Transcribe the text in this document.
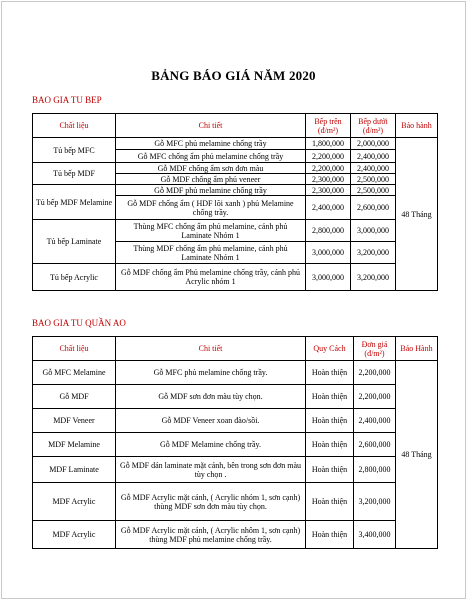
BẢNG BÁO GIÁ NĂM 2020
BAO GIA TU BEP
Chất liệu	Chi tiết	Bếp trên (đ/m²)	Bếp dưới (đ/m²)	Bảo hành
Tủ bếp MFC	Gỗ MFC phủ melamine chống trầy	1,800,000	2,000,000	48 Tháng
	Gỗ MFC chống ẩm phủ melamine chống trầy	2,200,000	2,400,000	
Tủ bếp MDF	Gỗ MDF chống ẩm sơn đơn màu	2,200,000	2,400,000	
	Gỗ MDF chống ẩm phủ veneer	2,300,000	2,500,000	
Tủ bếp MDF Melamine	Gỗ MDF phủ melamine chống trầy	2,300,000	2,500,000	
	Gỗ MDF chống ẩm ( HDF lõi xanh ) phủ Melamine chống trầy.	2,400,000	2,600,000	
Tủ bếp Laminate	Thùng MFC chống ẩm phủ melamine, cánh phủ Laminate Nhóm 1	2,800,000	3,000,000	
	Thùng MDF chống ẩm phủ melamine, cánh phủ Laminate Nhóm 1	3,000,000	3,200,000	
Tủ bếp Acrylic	Gỗ MDF chống ẩm Phủ melamine chống trầy, cánh phủ Acrylic nhóm 1	3,000,000	3,200,000	
BAO GIA TU QUẦN AO
Chất liệu	Chi tiết	Quy Cách	Đơn giá (đ/m²)	Bảo Hành
Gỗ MFC Melamine	Gỗ MFC phủ melamine chống trầy.	Hoàn thiện	2,200,000	48 Tháng
Gỗ MDF	Gỗ MDF sơn đơn màu tùy chọn.	Hoàn thiện	2,200,000	
MDF Veneer	Gỗ MDF Veneer xoan đào/sồi.	Hoàn thiện	2,400,000	
MDF Melamine	Gỗ MDF Melamine chống trầy.	Hoàn thiện	2,600,000	
MDF Laminate	Gỗ MDF dán laminate mặt cánh, bên trong sơn đơn màu tùy chọn .	Hoàn thiện	2,800,000	
MDF Acrylic	Gỗ MDF Acrylic mặt cánh, ( Acrylic nhóm 1, sơn cạnh) thùng MDF sơn đơn màu tùy chọn.	Hoàn thiện	3,200,000	
MDF Acrylic	Gỗ MDF Acrylic mặt cánh, ( Acrylic nhôm 1, sơn cạnh) thùng MDF phủ melamine chống trầy.	Hoàn thiện	3,400,000	
